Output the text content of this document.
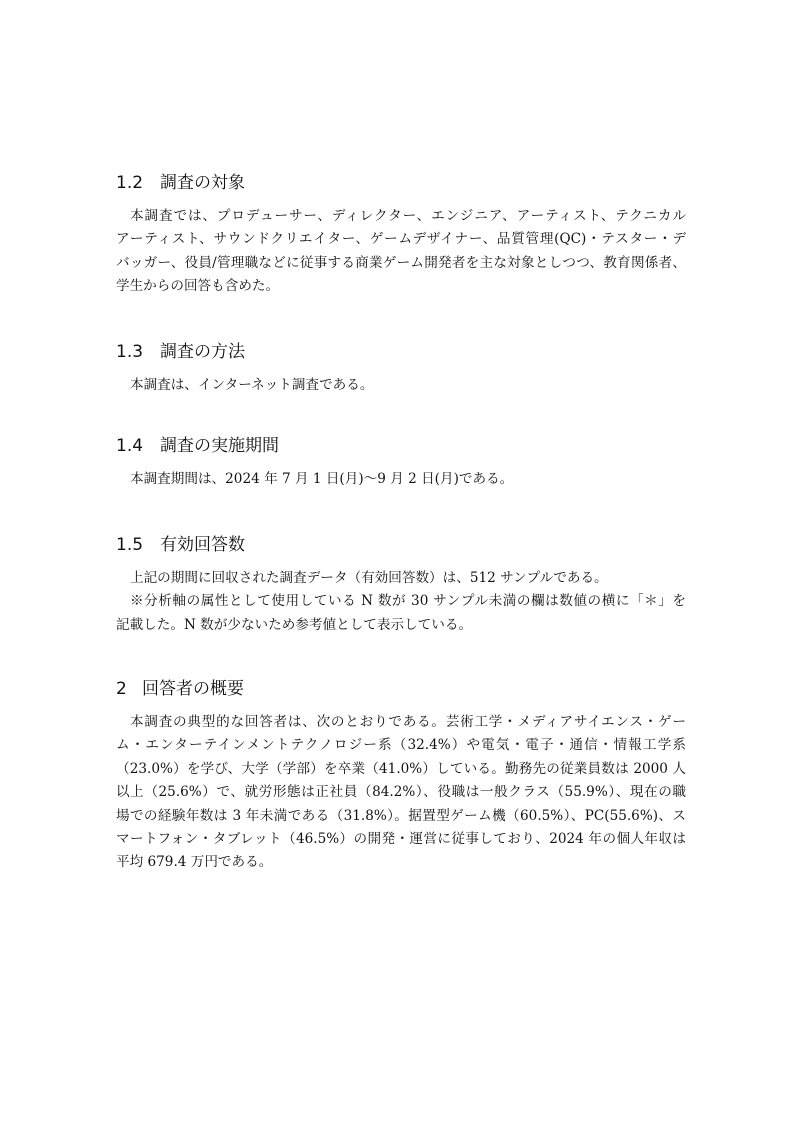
1.2 調査の対象
本調査では、プロデューサー、ディレクター、エンジニア、アーティスト、テクニカル
アーティスト、サウンドクリエイター、ゲームデザイナー、品質管理(QC)・テスター・デ
バッガー、役員/管理職などに従事する商業ゲーム開発者を主な対象としつつ、教育関係者、
学生からの回答も含めた。
1.3 調査の方法
本調査は、インターネット調査である。
1.4 調査の実施期間
本調査期間は、2024 年 7 月 1 日(月)～9 月 2 日(月)である。
1.5 有効回答数
上記の期間に回収された調査データ（有効回答数）は、512 サンプルである。
※分析軸の属性として使用している N 数が 30 サンプル未満の欄は数値の横に「＊」を
記載した。N 数が少ないため参考値として表示している。
2 回答者の概要
本調査の典型的な回答者は、次のとおりである。芸術工学・メディアサイエンス・ゲー
ム・エンターテインメントテクノロジー系（32.4%）や電気・電子・通信・情報工学系
（23.0%）を学び、大学（学部）を卒業（41.0%）している。勤務先の従業員数は 2000 人
以上（25.6%）で、就労形態は正社員（84.2%）、役職は一般クラス（55.9%）、現在の職
場での経験年数は 3 年未満である（31.8%）。据置型ゲーム機（60.5%）、PC(55.6%)、ス
マートフォン・タブレット（46.5%）の開発・運営に従事しており、2024 年の個人年収は
平均 679.4 万円である。
